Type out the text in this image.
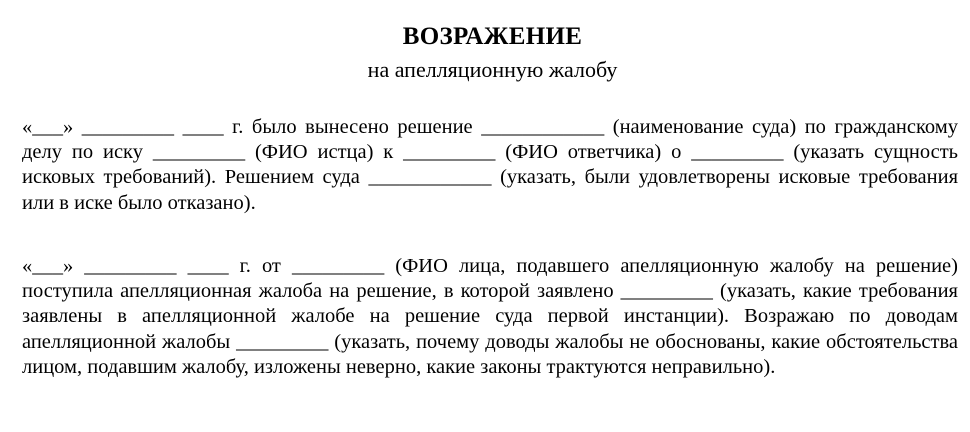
ВОЗРАЖЕНИЕ
на апелляционную жалобу

«___» _________ ____ г. было вынесено решение ____________ (наименование суда) по гражданскому делу по иску _________ (ФИО истца) к _________ (ФИО ответчика) о _________ (указать сущность исковых требований). Решением суда ____________ (указать, были удовлетворены исковые требования или в иске было отказано).

«___» _________ ____ г. от _________ (ФИО лица, подавшего апелляционную жалобу на решение) поступила апелляционная жалоба на решение, в которой заявлено _________ (указать, какие требования заявлены в апелляционной жалобе на решение суда первой инстанции). Возражаю по доводам апелляционной жалобы _________ (указать, почему доводы жалобы не обоснованы, какие обстоятельства лицом, подавшим жалобу, изложены неверно, какие законы трактуются неправильно).
